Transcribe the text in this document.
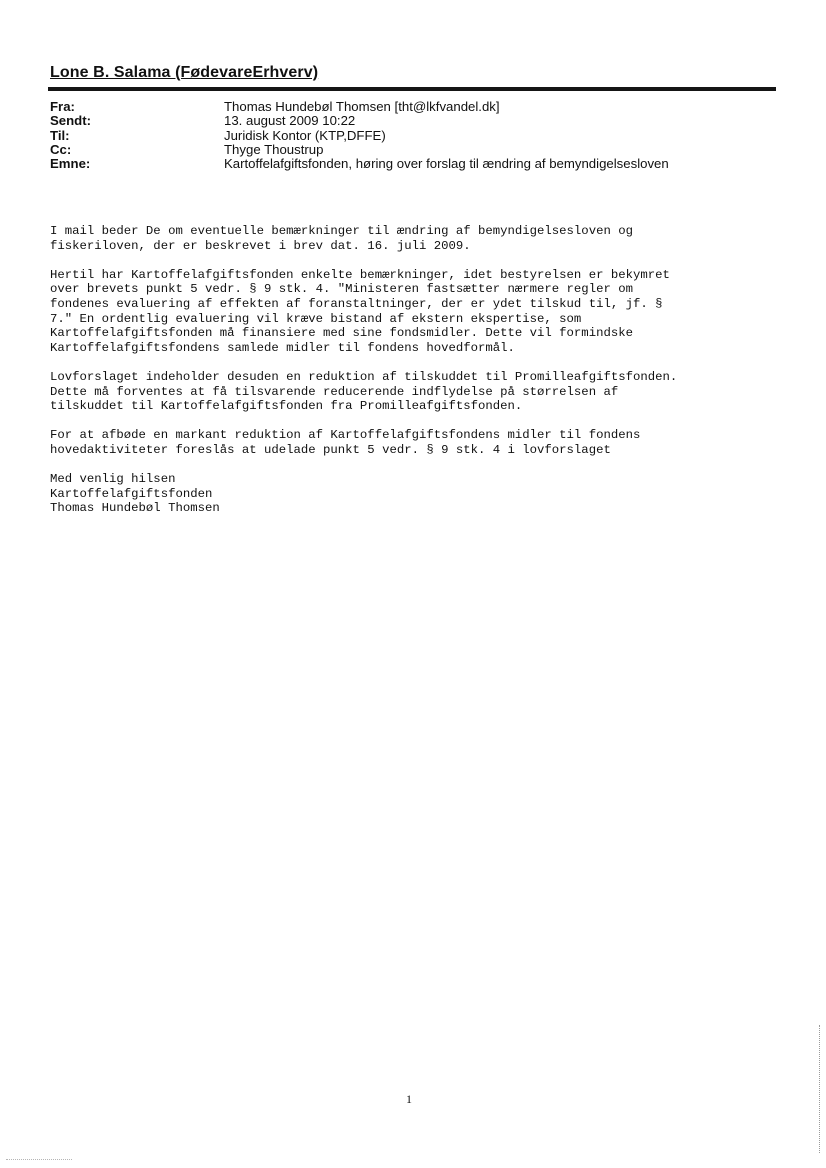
Lone B. Salama (FødevareErhverv)
Fra:	Thomas Hundebøl Thomsen [tht@lkfvandel.dk]
Sendt:	13. august 2009 10:22
Til:	Juridisk Kontor (KTP,DFFE)
Cc:	Thyge Thoustrup
Emne:	Kartoffelafgiftsfonden, høring over forslag til ændring af bemyndigelsesloven

I mail beder De om eventuelle bemærkninger til ændring af bemyndigelsesloven og
fiskeriloven, der er beskrevet i brev dat. 16. juli 2009.

Hertil har Kartoffelafgiftsfonden enkelte bemærkninger, idet bestyrelsen er bekymret
over brevets punkt 5 vedr. § 9 stk. 4. "Ministeren fastsætter nærmere regler om
fondenes evaluering af effekten af foranstaltninger, der er ydet tilskud til, jf. §
7." En ordentlig evaluering vil kræve bistand af ekstern ekspertise, som
Kartoffelafgiftsfonden må finansiere med sine fondsmidler. Dette vil formindske
Kartoffelafgiftsfondens samlede midler til fondens hovedformål.

Lovforslaget indeholder desuden en reduktion af tilskuddet til Promilleafgiftsfonden.
Dette må forventes at få tilsvarende reducerende indflydelse på størrelsen af
tilskuddet til Kartoffelafgiftsfonden fra Promilleafgiftsfonden.

For at afbøde en markant reduktion af Kartoffelafgiftsfondens midler til fondens
hovedaktiviteter foreslås at udelade punkt 5 vedr. § 9 stk. 4 i lovforslaget

Med venlig hilsen
Kartoffelafgiftsfonden
Thomas Hundebøl Thomsen
1
